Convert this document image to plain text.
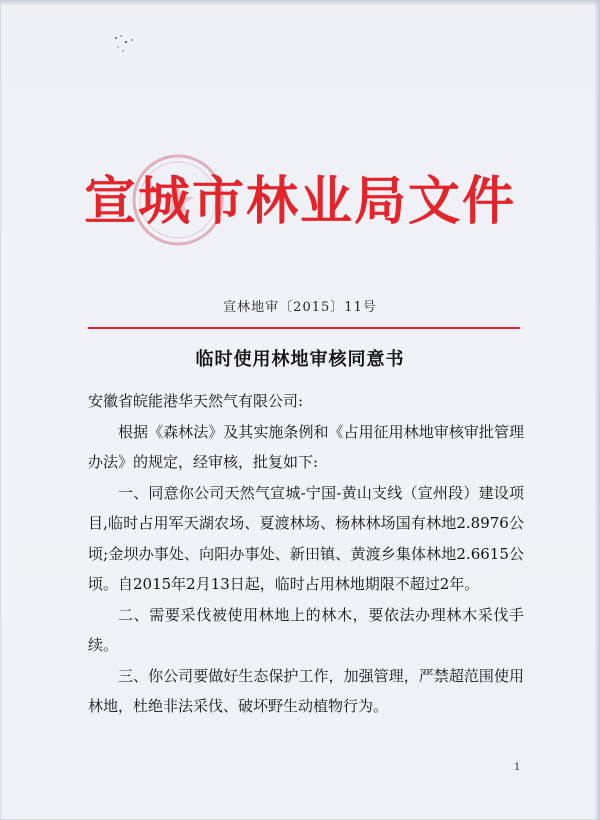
宣城市林业局文件
宣林地审〔2015〕11号
临时使用林地审核同意书

安徽省皖能港华天然气有限公司:

根据《森林法》及其实施条例和《占用征用林地审核审批管理办法》的规定，经审核，批复如下:

一、同意你公司天然气宣城-宁国-黄山支线（宣州段）建设项目,临时占用军天湖农场、夏渡林场、杨林林场国有林地2.8976公顷;金坝办事处、向阳办事处、新田镇、黄渡乡集体林地2.6615公顷。自2015年2月13日起，临时占用林地期限不超过2年。

二、需要采伐被使用林地上的林木，要依法办理林木采伐手续。

三、你公司要做好生态保护工作，加强管理，严禁超范围使用林地，杜绝非法采伐、破坏野生动植物行为。

1
